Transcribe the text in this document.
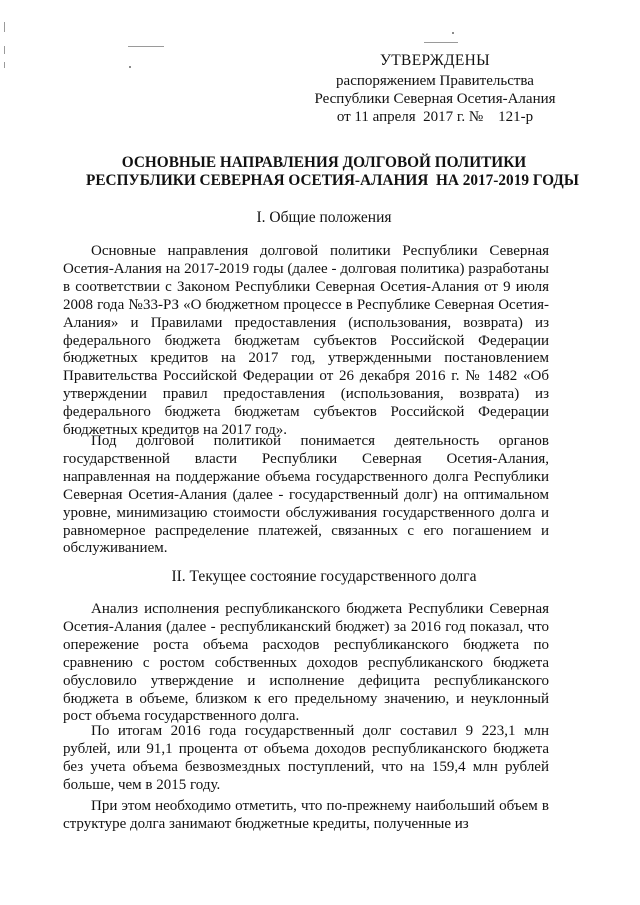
УТВЕРЖДЕНЫ
распоряжением Правительства
Республики Северная Осетия-Алания
от 11 апреля  2017 г. №    121-р
ОСНОВНЫЕ НАПРАВЛЕНИЯ ДОЛГОВОЙ ПОЛИТИКИ
РЕСПУБЛИКИ СЕВЕРНАЯ ОСЕТИЯ-АЛАНИЯ  НА 2017-2019 ГОДЫ
I. Общие положения

Основные направления долговой политики Республики Северная Осетия-Алания на 2017-2019 годы (далее - долговая политика) разработаны в соответствии с Законом Республики Северная Осетия-Алания от 9 июля 2008 года №33-РЗ «О бюджетном процессе в Республике Северная Осетия-Алания» и Правилами предоставления (использования, возврата) из федерального бюджета бюджетам субъектов Российской Федерации бюджетных кредитов на 2017 год, утвержденными постановлением Правительства Российской Федерации от 26 декабря 2016 г. № 1482 «Об утверждении правил предоставления (использования, возврата) из федерального бюджета бюджетам субъектов Российской Федерации бюджетных кредитов на 2017 год».

Под долговой политикой понимается деятельность органов государственной власти Республики Северная Осетия-Алания, направленная на поддержание объема государственного долга Республики Северная Осетия-Алания (далее - государственный долг) на оптимальном уровне, минимизацию стоимости обслуживания государственного долга и равномерное распределение платежей, связанных с его погашением и обслуживанием.

II. Текущее состояние государственного долга

Анализ исполнения республиканского бюджета Республики Северная Осетия-Алания (далее - республиканский бюджет) за 2016 год показал, что опережение роста объема расходов республиканского бюджета по сравнению с ростом собственных доходов республиканского бюджета обусловило утверждение и исполнение дефицита республиканского бюджета в объеме, близком к его предельному значению, и неуклонный рост объема государственного долга.

По итогам 2016 года государственный долг составил 9 223,1 млн рублей, или 91,1 процента от объема доходов республиканского бюджета без учета объема безвозмездных поступлений, что на 159,4 млн рублей больше, чем в 2015 году.

При этом необходимо отметить, что по-прежнему наибольший объем в структуре долга занимают бюджетные кредиты, полученные из
